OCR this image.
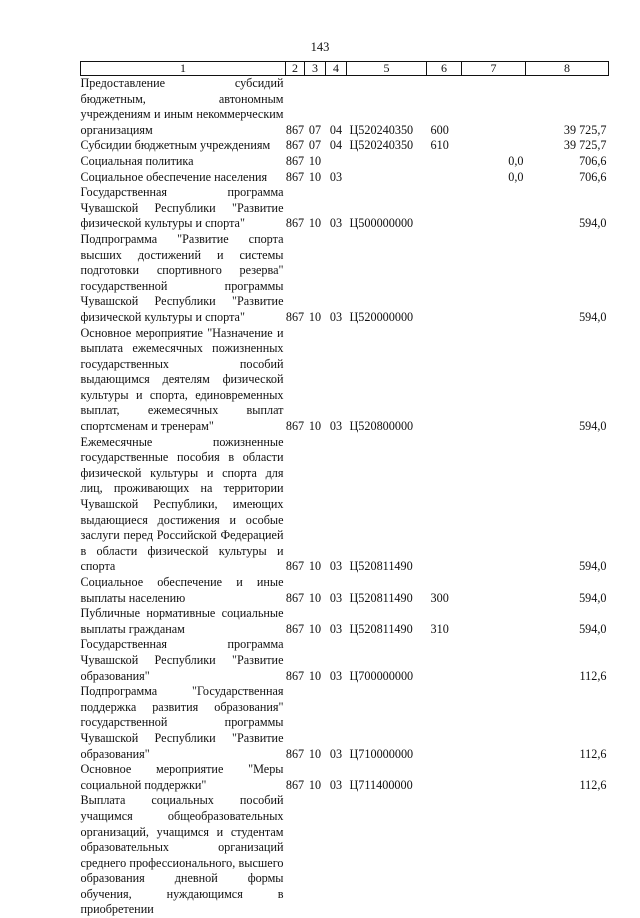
143
1	2	3	4	5	6	7	8
Предоставление субсидий бюджетным, автономным учреждениям и иным некоммерческим организациям	867	07	04	Ц520240350	600		39 725,7
Субсидии бюджетным учреждениям	867	07	04	Ц520240350	610		39 725,7
Социальная политика	867	10				0,0	706,6
Социальное обеспечение населения	867	10	03			0,0	706,6
Государственная программа Чувашской Республики "Развитие физической культуры и спорта"	867	10	03	Ц500000000			594,0
Подпрограмма "Развитие спорта высших достижений и системы подготовки спортивного резерва" государственной программы Чувашской Республики "Развитие физической культуры и спорта"	867	10	03	Ц520000000			594,0
Основное мероприятие "Назначение и выплата ежемесячных пожизненных государственных пособий выдающимся деятелям физической культуры и спорта, единовременных выплат, ежемесячных выплат спортсменам и тренерам"	867	10	03	Ц520800000			594,0
Ежемесячные пожизненные государственные пособия в области физической культуры и спорта для лиц, проживающих на территории Чувашской Республики, имеющих выдающиеся достижения и особые заслуги перед Российской Федерацией в области физической культуры и спорта	867	10	03	Ц520811490			594,0
Социальное обеспечение и иные выплаты населению	867	10	03	Ц520811490	300		594,0
Публичные нормативные социальные выплаты гражданам	867	10	03	Ц520811490	310		594,0
Государственная программа Чувашской Республики "Развитие образования"	867	10	03	Ц700000000			112,6
Подпрограмма "Государственная поддержка развития образования" государственной программы Чувашской Республики "Развитие образования"	867	10	03	Ц710000000			112,6
Основное мероприятие "Меры социальной поддержки"	867	10	03	Ц711400000			112,6
Выплата социальных пособий учащимся общеобразовательных организаций, учащимся и студентам образовательных организаций среднего профессионального, высшего образования дневной формы обучения, нуждающимся в приобретении							
